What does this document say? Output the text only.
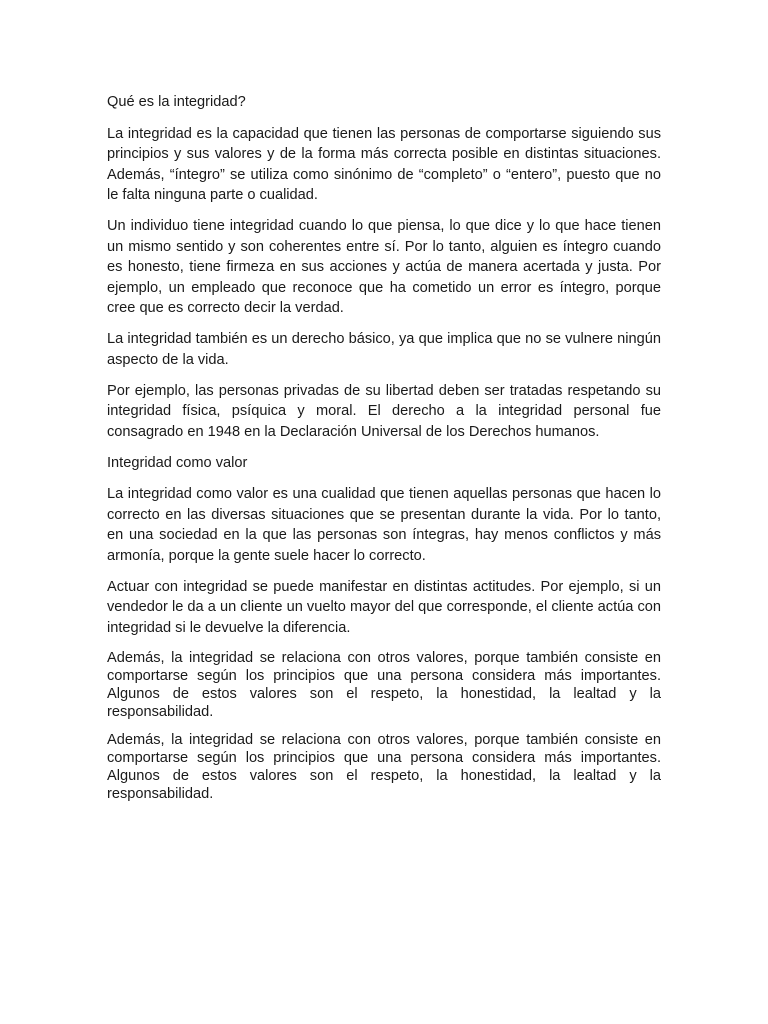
Qué es la integridad?

La integridad es la capacidad que tienen las personas de comportarse siguiendo sus principios y sus valores y de la forma más correcta posible en distintas situaciones. Además, “íntegro” se utiliza como sinónimo de “completo” o “entero”, puesto que no le falta ninguna parte o cualidad.

Un individuo tiene integridad cuando lo que piensa, lo que dice y lo que hace tienen un mismo sentido y son coherentes entre sí. Por lo tanto, alguien es íntegro cuando es honesto, tiene firmeza en sus acciones y actúa de manera acertada y justa. Por ejemplo, un empleado que reconoce que ha cometido un error es íntegro, porque cree que es correcto decir la verdad.

La integridad también es un derecho básico, ya que implica que no se vulnere ningún aspecto de la vida.

Por ejemplo, las personas privadas de su libertad deben ser tratadas respetando su integridad física, psíquica y moral. El derecho a la integridad personal fue consagrado en 1948 en la Declaración Universal de los Derechos humanos.

Integridad como valor

La integridad como valor es una cualidad que tienen aquellas personas que hacen lo correcto en las diversas situaciones que se presentan durante la vida. Por lo tanto, en una sociedad en la que las personas son íntegras, hay menos conflictos y más armonía, porque la gente suele hacer lo correcto.

Actuar con integridad se puede manifestar en distintas actitudes. Por ejemplo, si un vendedor le da a un cliente un vuelto mayor del que corresponde, el cliente actúa con integridad si le devuelve la diferencia.

Además, la integridad se relaciona con otros valores, porque también consiste en comportarse según los principios que una persona considera más importantes. Algunos de estos valores son el respeto, la honestidad, la lealtad y la responsabilidad.

Además, la integridad se relaciona con otros valores, porque también consiste en comportarse según los principios que una persona considera más importantes. Algunos de estos valores son el respeto, la honestidad, la lealtad y la responsabilidad.
